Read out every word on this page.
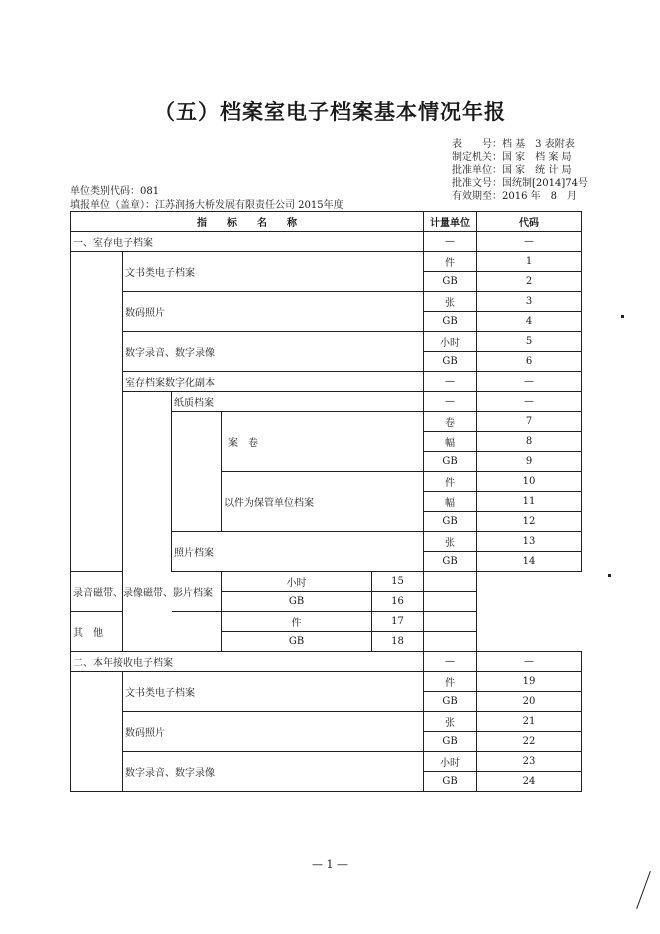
（五）档案室电子档案基本情况年报
表　　号：档 基　3 表附表
制定机关：国 家　档 案 局
批准单位：国 家　统 计 局
批准文号：国统制[2014]74号
有效期至：2016 年　8　月
单位类别代码：081
填报单位（盖章）：江苏润扬大桥发展有限责任公司 2015年度
指　　标　　名　　称					计量单位	代码	
一、室存电子档案					—	—	
	文书类电子档案				件	1	
					GB	2	
	数码照片				张	3	
					GB	4	
	数字录音、数字录像				小时	5	
					GB	6	
	室存档案数字化副本				—	—	
		纸质档案			—	—	
			案　卷		卷	7	
					幅	8	
					GB	9	
			以件为保管单位档案		件	10	
					幅	11	
					GB	12	
		照片档案			张	13	
					GB	14	
录音磁带、录像磁带、影片档案			小时	15			
			GB	16			
其　他			件	17			
			GB	18			
二、本年接收电子档案					—	—	
	文书类电子档案				件	19	
					GB	20	
	数码照片				张	21	
					GB	22	
	数字录音、数字录像				小时	23	
					GB	24	
— 1 —
